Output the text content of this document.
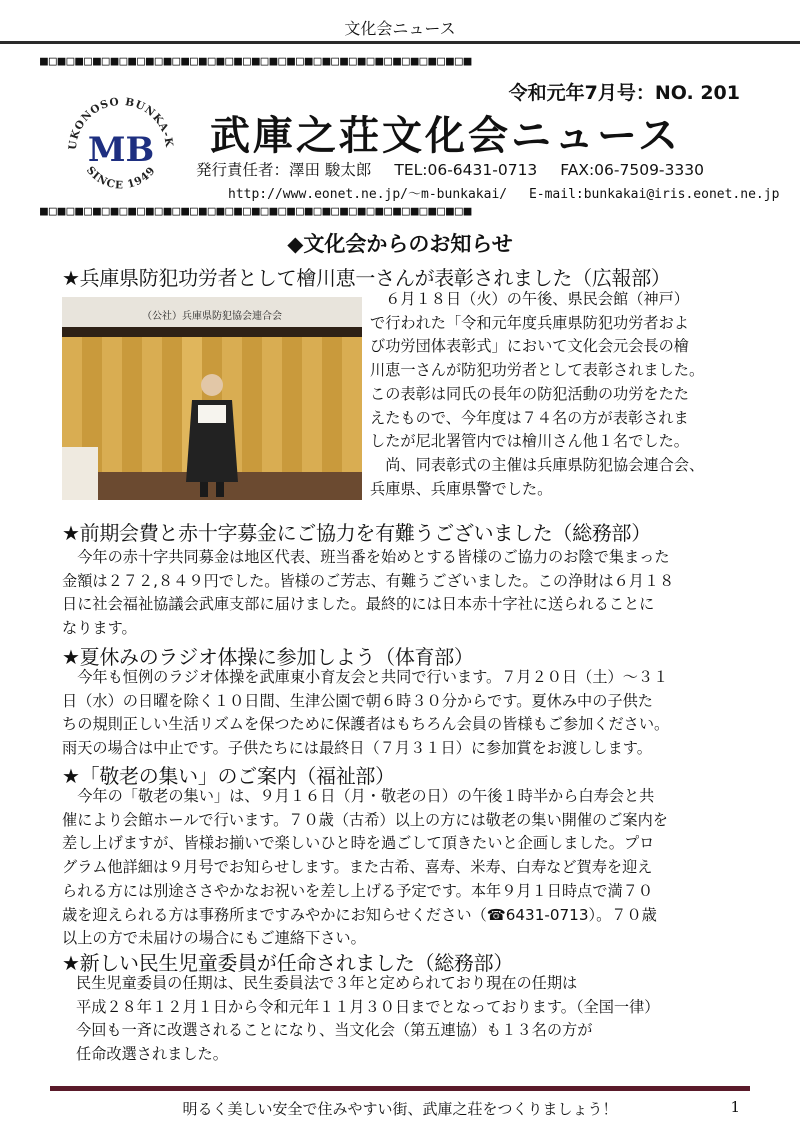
文化会ニュース
■□■□■□■□■□■□■□■□■□■□■□■□■□■□■□■□■□■□■□■□■□■□■□■□■
令和元年7月号：NO. 201
UKONOSO BUNKA-K
SINCE 1949
MB 武庫之荘文化会ニュース
発行責任者：澤田 駿太郎 TEL:06-6431-0713 FAX:06-7509-3330
http://www.eonet.ne.jp/～m-bunkakai/ E-mail:bunkakai@iris.eonet.ne.jp
■□■□■□■□■□■□■□■□■□■□■□■□■□■□■□■□■□■□■□■□■□■□■□■□■
◆文化会からのお知らせ
★兵庫県防犯功労者として檜川恵一さんが表彰されました（広報部）
（公社）兵庫県防犯協会連合会

　６月１８日（火）の午後、県民会館（神戸）

で行われた「令和元年度兵庫県防犯功労者およ

び功労団体表彰式」において文化会元会長の檜

川恵一さんが防犯功労者として表彰されました。

この表彰は同氏の長年の防犯活動の功労をたた

えたもので、今年度は７４名の方が表彰されま

したが尼北署管内では檜川さん他１名でした。

　尚、同表彰式の主催は兵庫県防犯協会連合会、

兵庫県、兵庫県警でした。

★前期会費と赤十字募金にご協力を有難うございました（総務部）

　今年の赤十字共同募金は地区代表、班当番を始めとする皆様のご協力のお陰で集まった

金額は２７２,８４９円でした。皆様のご芳志、有難うございました。この浄財は６月１８

日に社会福祉協議会武庫支部に届けました。最終的には日本赤十字社に送られることに

なります。

★夏休みのラジオ体操に参加しよう（体育部）

　今年も恒例のラジオ体操を武庫東小育友会と共同で行います。７月２０日（土）～３１

日（水）の日曜を除く１０日間、生津公園で朝６時３０分からです。夏休み中の子供た

ちの規則正しい生活リズムを保つために保護者はもちろん会員の皆様もご参加ください。

雨天の場合は中止です。子供たちには最終日（７月３１日）に参加賞をお渡しします。

★「敬老の集い」のご案内（福祉部）

　今年の「敬老の集い」は、９月１６日（月・敬老の日）の午後１時半から白寿会と共

催により会館ホールで行います。７０歳（古希）以上の方には敬老の集い開催のご案内を

差し上げますが、皆様お揃いで楽しいひと時を過ごして頂きたいと企画しました。プロ

グラム他詳細は９月号でお知らせします。また古希、喜寿、米寿、白寿など賀寿を迎え

られる方には別途ささやかなお祝いを差し上げる予定です。本年９月１日時点で満７０

歳を迎えられる方は事務所まですみやかにお知らせください（☎6431-0713）。７０歳

以上の方で未届けの場合にもご連絡下さい。

★新しい民生児童委員が任命されました（総務部）

民生児童委員の任期は、民生委員法で３年と定められており現在の任期は

平成２８年１２月１日から令和元年１１月３０日までとなっております。（全国一律）

今回も一斉に改選されることになり、当文化会（第五連協）も１３名の方が

任命改選されました。

明るく美しい安全で住みやすい街、武庫之荘をつくりましょう！	1
